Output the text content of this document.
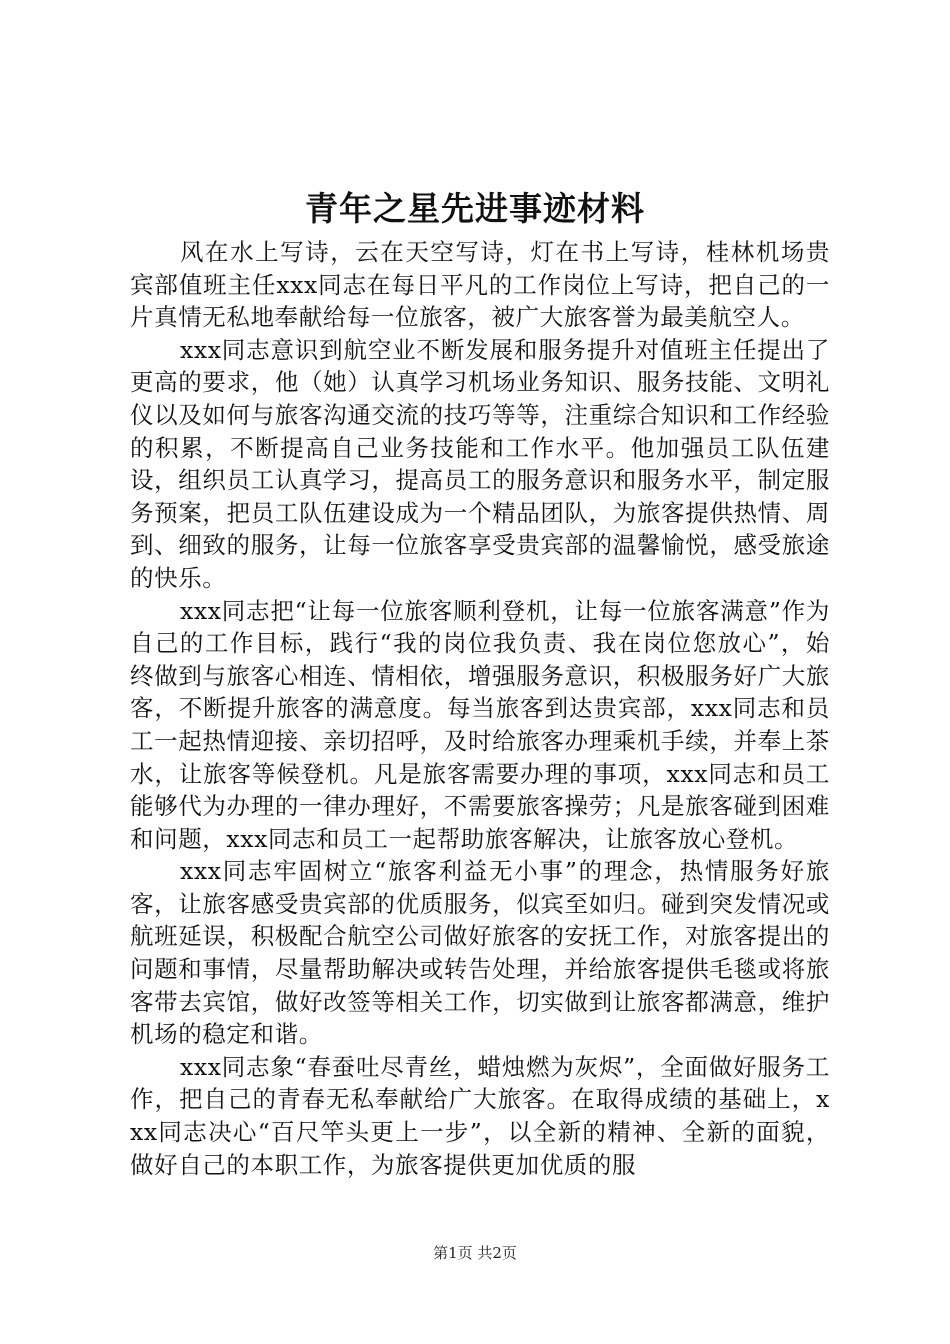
青年之星先进事迹材料

风在水上写诗，云在天空写诗，灯在书上写诗，桂林机场贵宾部值班主任xxx同志在每日平凡的工作岗位上写诗，把自己的一片真情无私地奉献给每一位旅客，被广大旅客誉为最美航空人。

xxx同志意识到航空业不断发展和服务提升对值班主任提出了更高的要求，他（她）认真学习机场业务知识、服务技能、文明礼仪以及如何与旅客沟通交流的技巧等等，注重综合知识和工作经验的积累，不断提高自己业务技能和工作水平。他加强员工队伍建设，组织员工认真学习，提高员工的服务意识和服务水平，制定服务预案，把员工队伍建设成为一个精品团队，为旅客提供热情、周到、细致的服务，让每一位旅客享受贵宾部的温馨愉悦，感受旅途的快乐。

xxx同志把“让每一位旅客顺利登机，让每一位旅客满意”作为自己的工作目标，践行“我的岗位我负责、我在岗位您放心”，始终做到与旅客心相连、情相依，增强服务意识，积极服务好广大旅客，不断提升旅客的满意度。每当旅客到达贵宾部，xxx同志和员工一起热情迎接、亲切招呼，及时给旅客办理乘机手续，并奉上茶水，让旅客等候登机。凡是旅客需要办理的事项，xxx同志和员工能够代为办理的一律办理好，不需要旅客操劳；凡是旅客碰到困难和问题，xxx同志和员工一起帮助旅客解决，让旅客放心登机。

xxx同志牢固树立“旅客利益无小事”的理念，热情服务好旅客，让旅客感受贵宾部的优质服务，似宾至如归。碰到突发情况或航班延误，积极配合航空公司做好旅客的安抚工作，对旅客提出的问题和事情，尽量帮助解决或转告处理，并给旅客提供毛毯或将旅客带去宾馆，做好改签等相关工作，切实做到让旅客都满意，维护机场的稳定和谐。

xxx同志象“春蚕吐尽青丝，蜡烛燃为灰烬”，全面做好服务工作，把自己的青春无私奉献给广大旅客。在取得成绩的基础上，xxx同志决心“百尺竿头更上一步”，以全新的精神、全新的面貌，做好自己的本职工作，为旅客提供更加优质的服

第1页 共2页
